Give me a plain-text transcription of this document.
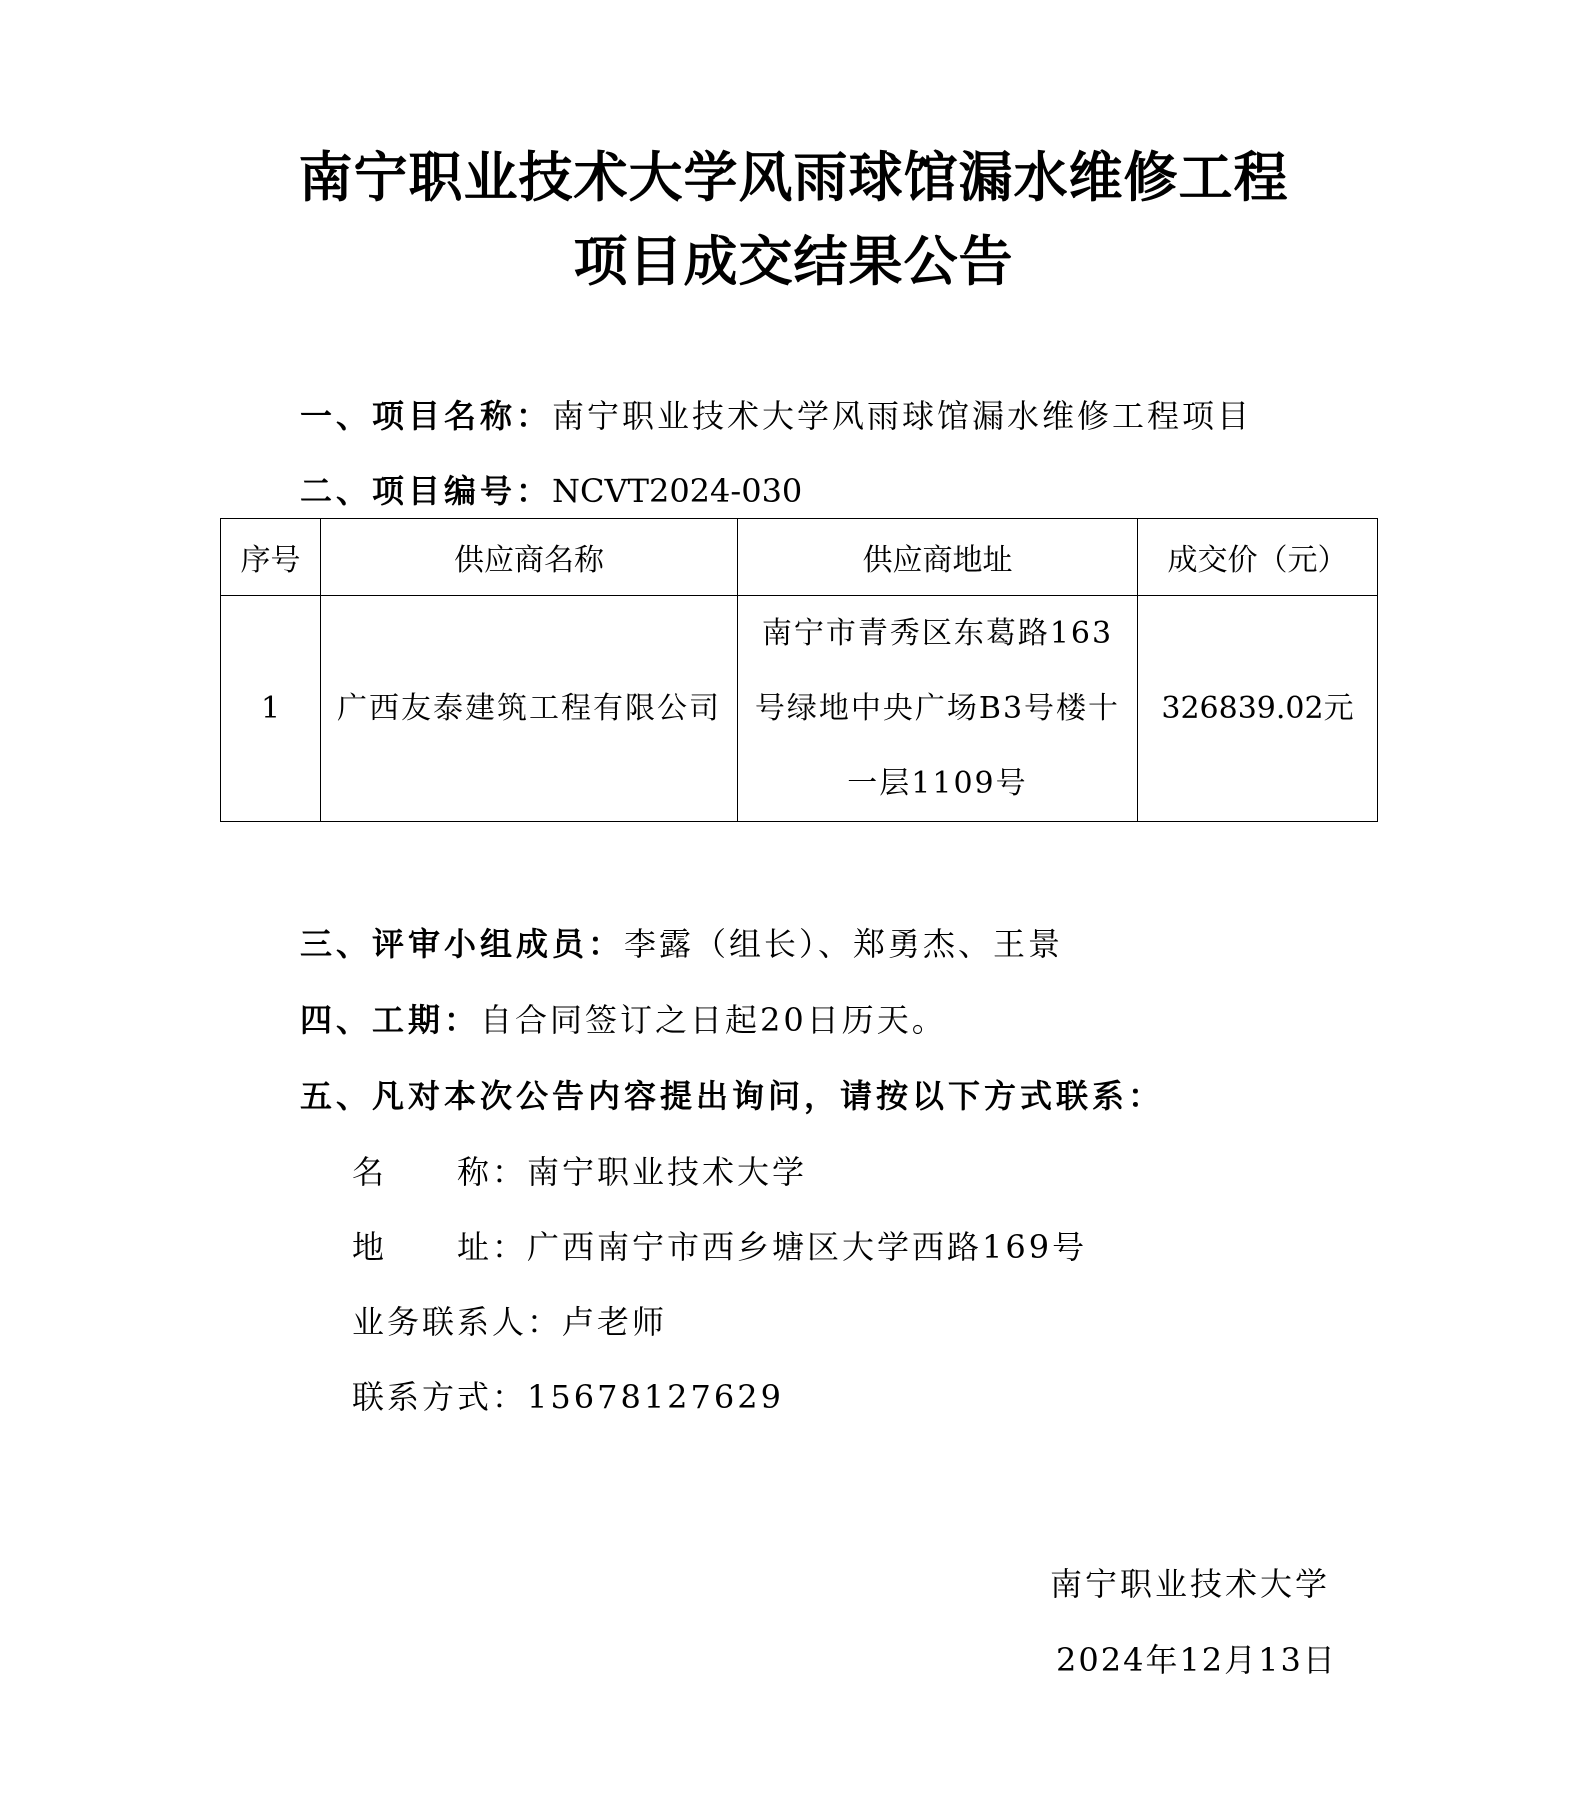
南宁职业技术大学风雨球馆漏水维修工程
项目成交结果公告
一、项目名称：南宁职业技术大学风雨球馆漏水维修工程项目
二、项目编号：NCVT2024-030
序号	供应商名称	供应商地址	成交价（元）
1	广西友泰建筑工程有限公司	南宁市青秀区东葛路163号绿地中央广场B3号楼十一层1109号	326839.02元
三、评审小组成员：李露（组长）、郑勇杰、王景
四、工期：自合同签订之日起20日历天。
五、凡对本次公告内容提出询问，请按以下方式联系：
名　　称：南宁职业技术大学
地　　址：广西南宁市西乡塘区大学西路169号
业务联系人：卢老师
联系方式：15678127629
南宁职业技术大学
2024年12月13日
